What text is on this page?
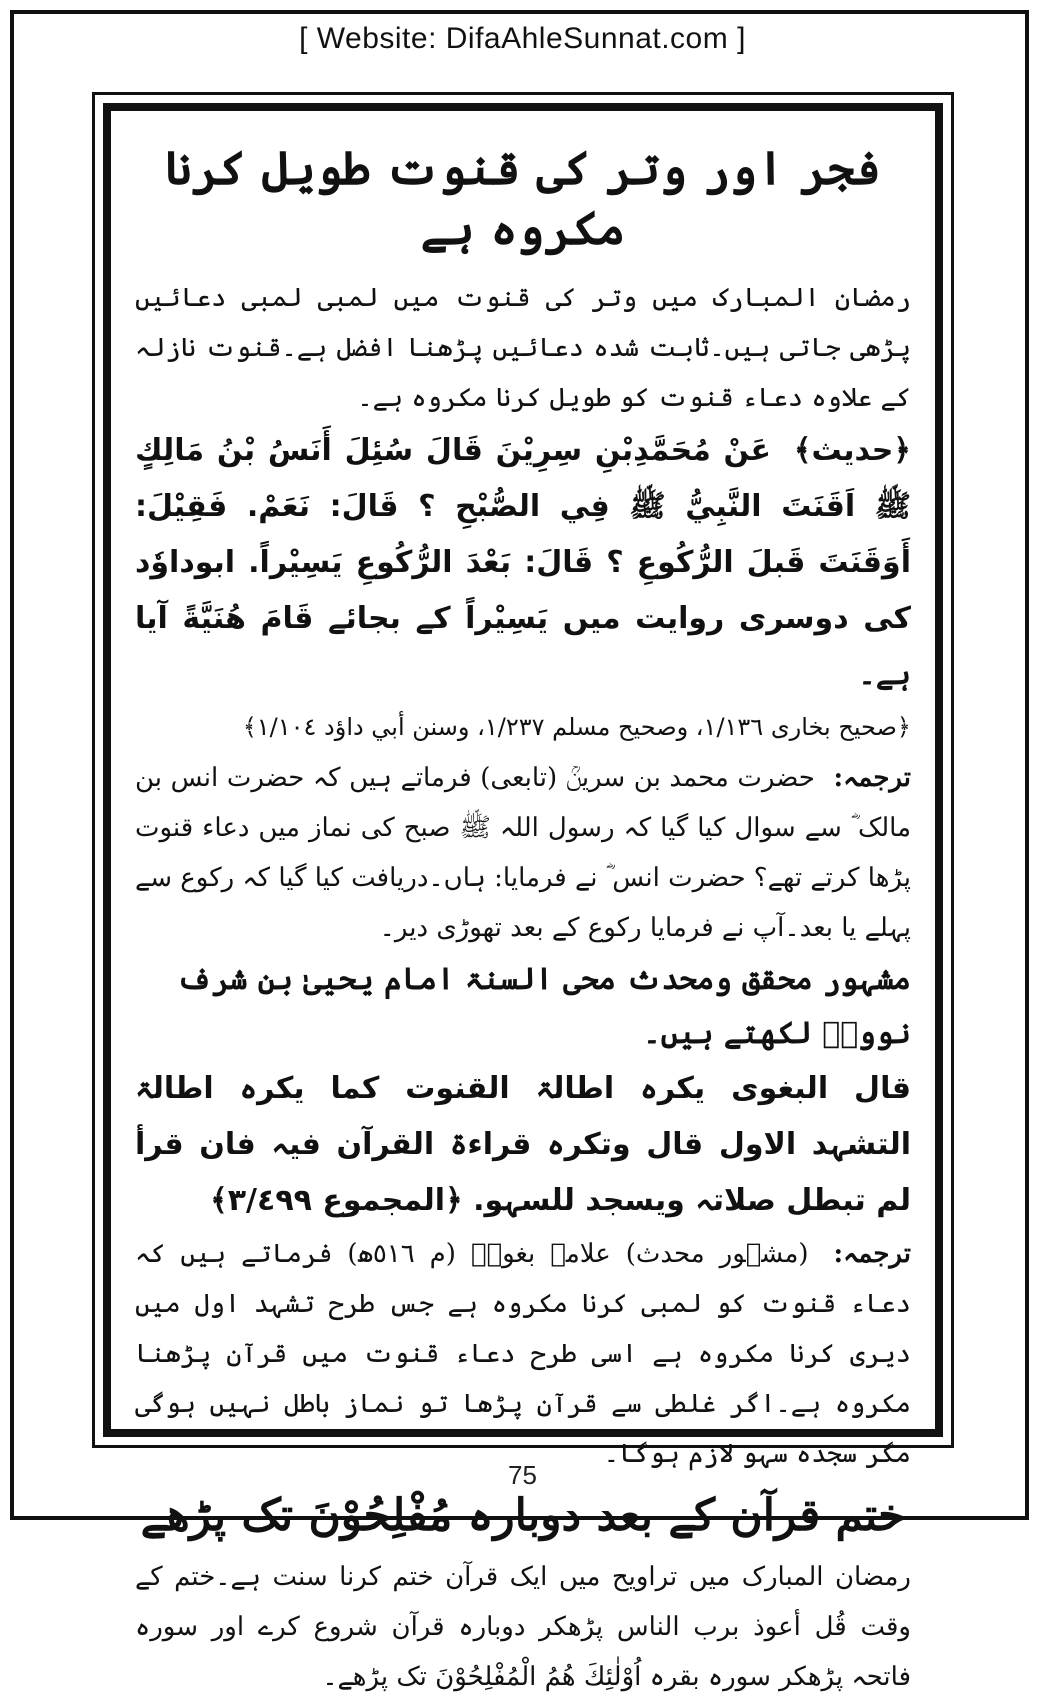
[ Website: DifaAhleSunnat.com ]
فجر اور وتر کی قنوت طویل کرنا مکروہ ہے

رمضان المبارک میں وتر کی قنوت میں لمبی لمبی دعائیں پڑھی جاتی ہیں۔ثابت شدہ دعائیں پڑھنا افضل ہے۔قنوت نازلہ کے علاوہ دعاء قنوت کو طویل کرنا مکروہ ہے۔

﴿حدیث﴾ عَنْ مُحَمَّدِبْنِ سِرِيْنَ قَالَ سُئِلَ أَنَسُ بْنُ مَالِكٍ ﷺ اَقَنَتَ النَّبِيُّ ﷺ فِي الصُّبْحِ ؟ قَالَ: نَعَمْ. فَقِيْلَ: أَوَقَنَتَ قَبلَ الرُّكُوعِ ؟ قَالَ: بَعْدَ الرُّكُوعِ يَسِيْراً. ابوداوٗد کی دوسری روایت میں يَسِيْراً کے بجائے قَامَ هُنَيَّةً آیا ہے۔

﴿صحيح بخاری ١/١٣٦، وصحيح مسلم ١/٢٣٧، وسنن أبي داؤد ١/١٠٤﴾

ترجمہ: حضرت محمد بن سرینؒ (تابعی) فرماتے ہیں کہ حضرت انس بن مالک ؓ سے سوال کیا گیا کہ رسول اللہ ﷺ صبح کی نماز میں دعاء قنوت پڑھا کرتے تھے؟ حضرت انس ؓ نے فرمایا: ہاں۔دریافت کیا گیا کہ رکوع سے پہلے یا بعد۔آپ نے فرمایا رکوع کے بعد تھوڑی دیر۔

مشہور محقق ومحدث محی السنۃ امام یحییٰ بن شرف نوویؒ لکھتے ہیں۔

قال البغوی یکرہ اطالۃ القنوت کما یکرہ اطالۃ التشہد الاول قال وتکرہ قراءۃ القرآن فیہ فان قرأ لم تبطل صلاتہ ویسجد للسہو. ﴿المجموع ٣/٤٩٩﴾

ترجمہ: (مشہور محدث) علامہ بغویؒ (م ٥١٦ھ) فرماتے ہیں کہ دعاء قنوت کو لمبی کرنا مکروہ ہے جس طرح تشہد اول میں دیری کرنا مکروہ ہے اسی طرح دعاء قنوت میں قرآن پڑھنا مکروہ ہے۔اگر غلطی سے قرآن پڑھا تو نماز باطل نہیں ہوگی مگر سجدہ سہو لازم ہوگا۔

ختم قرآن کے بعد دوبارہ مُفْلِحُوْنَ تک پڑھے

رمضان المبارک میں تراویح میں ایک قرآن ختم کرنا سنت ہے۔ختم کے وقت قُل أعوذ برب الناس پڑھکر دوبارہ قرآن شروع کرے اور سورہ فاتحہ پڑھکر سورہ بقرہ اُوْلٰئِكَ هُمُ الْمُفْلِحُوْنَ تک پڑھے۔

75
